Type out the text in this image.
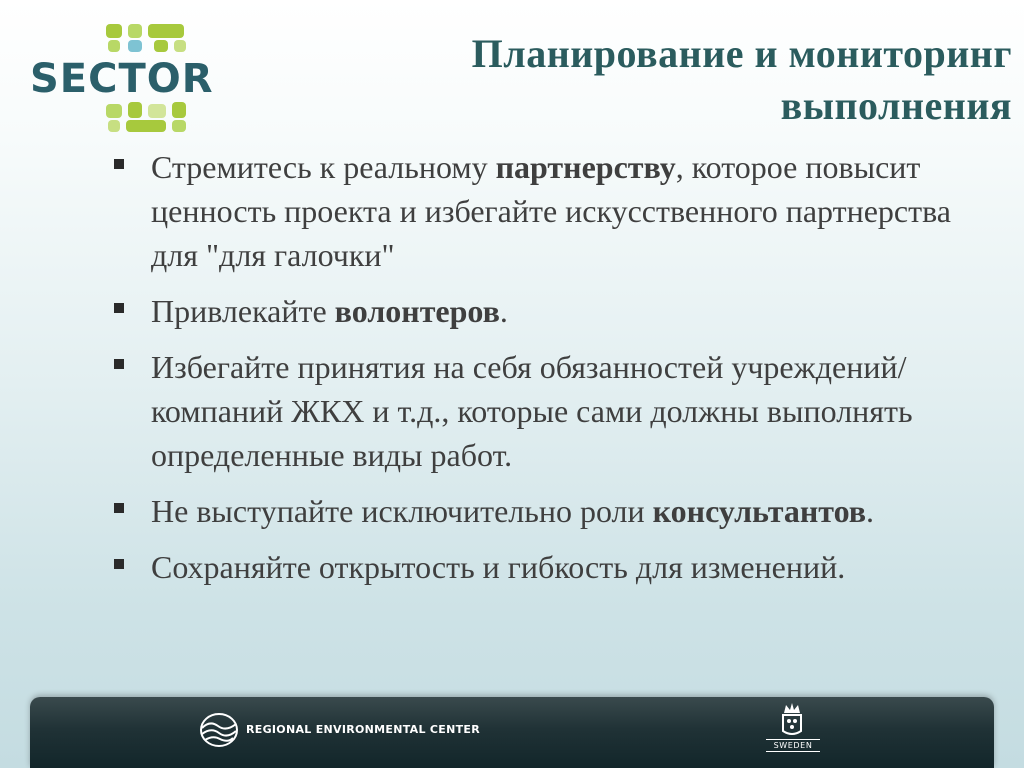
SECTOR
Планирование и мониторинг
выполнения
Стремитесь к реальному партнерству, которое повысит ценность проекта и избегайте искусственного партнерства для "для галочки"
Привлекайте волонтеров.
Избегайте принятия на себя обязанностей учреждений/компаний ЖКХ и т.д., которые сами должны выполнять определенные виды работ.
Не выступайте исключительно роли консультантов.
Сохраняйте открытость и гибкость для изменений.
REGIONAL ENVIRONMENTAL CENTER
SWEDEN
